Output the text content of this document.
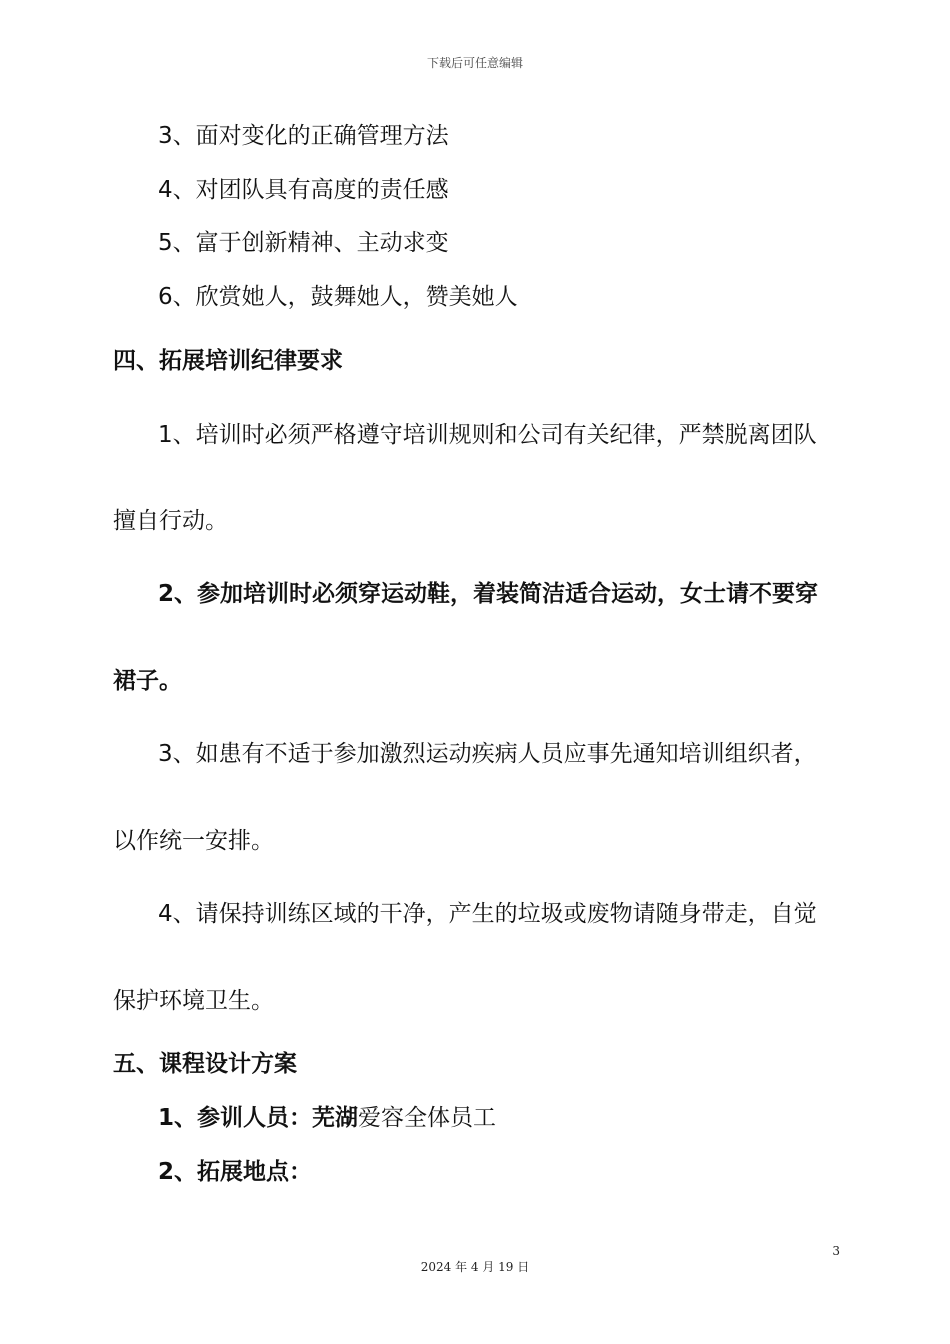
下载后可任意编辑
3、面对变化的正确管理方法
4、对团队具有高度的责任感
5、富于创新精神、主动求变
6、欣赏她人，鼓舞她人，赞美她人
四、拓展培训纪律要求
1、培训时必须严格遵守培训规则和公司有关纪律，严禁脱离团队
擅自行动。
2、参加培训时必须穿运动鞋，着装简洁适合运动，女士请不要穿
裙子。
3、如患有不适于参加激烈运动疾病人员应事先通知培训组织者，
以作统一安排。
4、请保持训练区域的干净，产生的垃圾或废物请随身带走，自觉
保护环境卫生。
五、课程设计方案
1、参训人员：芜湖爱容全体员工
2、拓展地点：
3
2024 年 4 月 19 日
